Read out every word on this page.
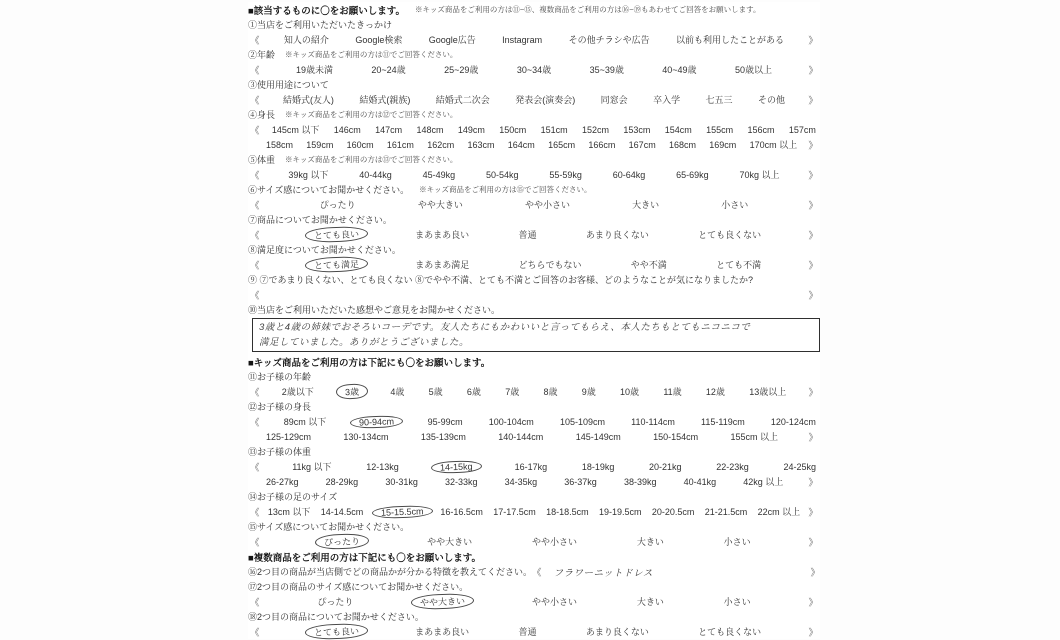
■該当するものに〇をお願いします。 ※キッズ商品をご利用の方は⑪~⑮、複数商品をご利用の方は⑯~⑲もあわせてご回答をお願いします。
①当店をご利用いただいたきっかけ
《	知人の紹介	Google検索	Google広告	Instagram	その他チラシや広告	以前も利用したことがある	》
②年齢 ※キッズ商品をご利用の方は⑪でご回答ください。
《	19歳未満	20~24歳	25~29歳	30~34歳	35~39歳	40~49歳	50歳以上	》
③使用用途について
《	結婚式(友人)	結婚式(親族)	結婚式二次会	発表会(演奏会)	同窓会	卒入学	七五三	その他 》
④身長 ※キッズ商品をご利用の方は⑫でご回答ください。
《 145cm 以下 146cm 147cm 148cm 149cm 150cm 151cm 152cm 153cm 154cm 155cm 156cm 157cm
158cm 159cm 160cm 161cm 162cm 163cm 164cm 165cm 166cm 167cm 168cm 169cm 170cm 以上 》
⑤体重 ※キッズ商品をご利用の方は⑬でご回答ください。
《	39kg 以下	40-44kg	45-49kg	50-54kg	55-59kg	60-64kg	65-69kg	70kg 以上	》
⑥サイズ感についてお聞かせください。 ※キッズ商品をご利用の方は⑮でご回答ください。
《	ぴったり	やや大きい	やや小さい	大きい	小さい	》
⑦商品についてお聞かせください。
《	とても良い	まあまあ良い	普通	あまり良くない	とても良くない	》
⑧満足度についてお聞かせください。
《	とても満足	まあまあ満足	どちらでもない	やや不満	とても不満	》
⑨ ⑦であまり良くない、とても良くない ⑧でやや不満、とても不満とご回答のお客様、どのようなことが気になりましたか?
《	》
⑩当店をご利用いただいた感想やご意見をお聞かせください。
3歳と4歳の姉妹でおそろいコーデです。友人たちにもかわいいと言ってもらえ、本人たちもとてもニコニコで
満足していました。ありがとうございました。
■キッズ商品をご利用の方は下記にも〇をお願いします。
⑪お子様の年齢
《 2歳以下	3歳	4歳	5歳	6歳	7歳	8歳	9歳	10歳	11歳	12歳	13歳以上 》
⑫お子様の身長
《	89cm 以下	90-94cm	95-99cm	100-104cm	105-109cm	110-114cm	115-119cm	120-124cm
125-129cm	130-134cm	135-139cm	140-144cm	145-149cm	150-154cm	155cm 以上	》
⑬お子様の体重
《	11kg 以下	12-13kg	14-15kg	16-17kg	18-19kg	20-21kg	22-23kg	24-25kg
26-27kg	28-29kg	30-31kg	32-33kg	34-35kg	36-37kg	38-39kg	40-41kg	42kg 以上	》
⑭お子様の足のサイズ
《 13cm 以下 14-14.5cm	15-15.5cm	16-16.5cm 17-17.5cm 18-18.5cm 19-19.5cm 20-20.5cm 21-21.5cm 22cm 以上 》
⑮サイズ感についてお聞かせください。
《	ぴったり	やや大きい	やや小さい	大きい	小さい	》
■複数商品をご利用の方は下記にも〇をお願いします。
⑯2つ目の商品が当店側でどの商品かが分かる特徴を教えてください。 《 フラワーニットドレス	》
⑰2つ目の商品のサイズ感についてお聞かせください。
《	ぴったり	やや大きい	やや小さい	大きい	小さい	》
⑱2つ目の商品についてお聞かせください。
《	とても良い	まあまあ良い	普通	あまり良くない	とても良くない	》
